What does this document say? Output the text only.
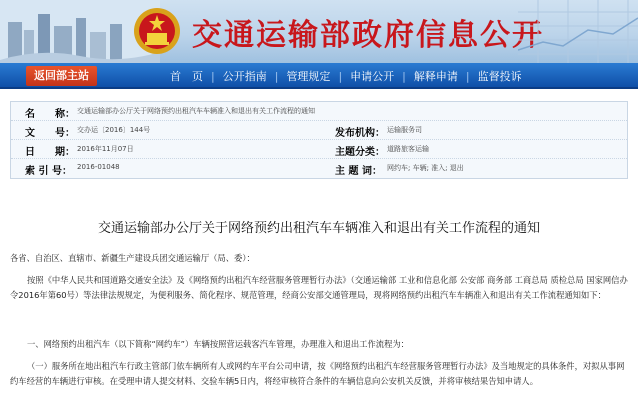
交通运输部政府信息公开
返回部主站	首　页 | 公开指南 | 管理规定 | 申请公开 | 解释申请 | 监督投诉
名　　称： 交通运输部办公厅关于网络预约出租汽车车辆准入和退出有关工作流程的通知
文　　号： 交办运〔2016〕144号	发布机构： 运输服务司
日　　期： 2016年11月07日	主题分类： 道路旅客运输
索 引 号： 2016-01048	主 题 词： 网约车; 车辆; 准入; 退出
交通运输部办公厅关于网络预约出租汽车车辆准入和退出有关工作流程的通知
各省、自治区、直辖市、新疆生产建设兵团交通运输厅（局、委）：
按照《中华人民共和国道路交通安全法》及《网络预约出租汽车经营服务管理暂行办法》（交通运输部 工业和信息化部 公安部 商务部 工商总局 质检总局 国家网信办令2016年第60号）等法律法规规定，为便利服务、简化程序、规范管理，经商公安部交通管理局，现将网络预约出租汽车车辆准入和退出有关工作流程通知如下：
一、网络预约出租汽车（以下简称“网约车”）车辆按照营运载客汽车管理，办理准入和退出工作流程为：
（一）服务所在地出租汽车行政主管部门依车辆所有人或网约车平台公司申请，按《网络预约出租汽车经营服务管理暂行办法》及当地规定的具体条件，对拟从事网约车经营的车辆进行审核。在受理申请人提交材料、交验车辆5日内，将经审核符合条件的车辆信息向公安机关反馈，并将审核结果告知申请人。
